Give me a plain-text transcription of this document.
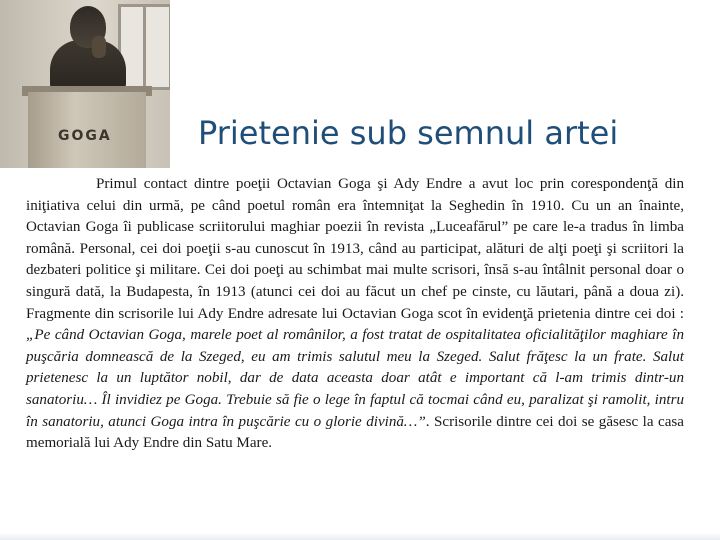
GOGA	Prietenie sub semnul artei

Primul contact dintre poeţii Octavian Goga şi Ady Endre a avut loc prin corespondenţă din iniţiativa celui din urmă, pe când poetul român era întemniţat la Seghedin în 1910. Cu un an înainte, Octavian Goga îi publicase scriitorului maghiar poezii în revista „Luceafărul” pe care le-a tradus în limba română. Personal, cei doi poeţii s-au cunoscut în 1913, când au participat, alături de alţi poeţi şi scriitori la dezbateri politice şi militare. Cei doi poeţi au schimbat mai multe scrisori, însă s-au întâlnit personal doar o singură dată, la Budapesta, în 1913 (atunci cei doi au făcut un chef pe cinste, cu lăutari, până a doua zi). Fragmente din scrisorile lui Ady Endre adresate lui Octavian Goga scot în evidenţă prietenia dintre cei doi : „Pe când Octavian Goga, marele poet al românilor, a fost tratat de ospitalitatea oficialităţilor maghiare în puşcăria domnească de la Szeged, eu am trimis salutul meu la Szeged. Salut frăţesc la un frate. Salut prietenesc la un luptător nobil, dar de data aceasta doar atât e important că l-am trimis dintr-un sanatoriu… Îl invidiez pe Goga. Trebuie să fie o lege în faptul că tocmai când eu, paralizat şi ramolit, intru în sanatoriu, atunci Goga intra în puşcărie cu o glorie divină…”. Scrisorile dintre cei doi se găsesc la casa memorială lui Ady Endre din Satu Mare.
